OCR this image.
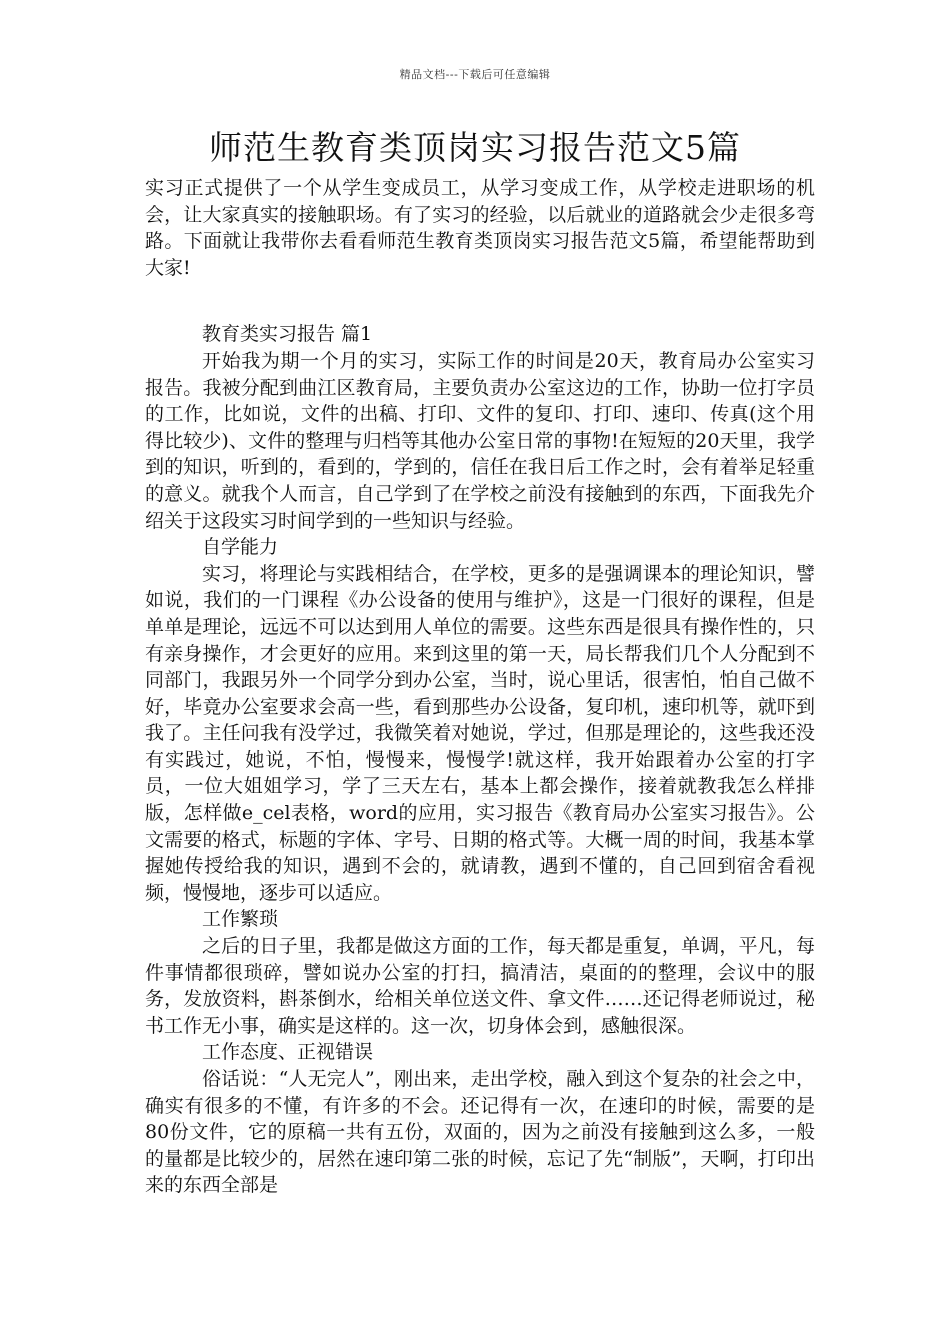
精品文档---下载后可任意编辑
师范生教育类顶岗实习报告范文5篇

实习正式提供了一个从学生变成员工，从学习变成工作，从学校走进职场的机会，让大家真实的接触职场。有了实习的经验，以后就业的道路就会少走很多弯路。下面就让我带你去看看师范生教育类顶岗实习报告范文5篇，希望能帮助到大家!

教育类实习报告 篇1

开始我为期一个月的实习，实际工作的时间是20天，教育局办公室实习报告。我被分配到曲江区教育局，主要负责办公室这边的工作，协助一位打字员的工作，比如说，文件的出稿、打印、文件的复印、打印、速印、传真(这个用得比较少)、文件的整理与归档等其他办公室日常的事物!在短短的20天里，我学到的知识，听到的，看到的，学到的，信任在我日后工作之时，会有着举足轻重的意义。就我个人而言，自己学到了在学校之前没有接触到的东西，下面我先介绍关于这段实习时间学到的一些知识与经验。

自学能力

实习，将理论与实践相结合，在学校，更多的是强调课本的理论知识，譬如说，我们的一门课程《办公设备的使用与维护》，这是一门很好的课程，但是单单是理论，远远不可以达到用人单位的需要。这些东西是很具有操作性的，只有亲身操作，才会更好的应用。来到这里的第一天，局长帮我们几个人分配到不同部门，我跟另外一个同学分到办公室，当时，说心里话，很害怕，怕自己做不好，毕竟办公室要求会高一些，看到那些办公设备，复印机，速印机等，就吓到我了。主任问我有没学过，我微笑着对她说，学过，但那是理论的，这些我还没有实践过，她说，不怕，慢慢来，慢慢学!就这样，我开始跟着办公室的打字员，一位大姐姐学习，学了三天左右，基本上都会操作，接着就教我怎么样排版，怎样做e_cel表格，word的应用，实习报告《教育局办公室实习报告》。公文需要的格式，标题的字体、字号、日期的格式等。大概一周的时间，我基本掌握她传授给我的知识，遇到不会的，就请教，遇到不懂的，自己回到宿舍看视频，慢慢地，逐步可以适应。

工作繁琐

之后的日子里，我都是做这方面的工作，每天都是重复，单调，平凡，每件事情都很琐碎，譬如说办公室的打扫，搞清洁，桌面的的整理，会议中的服务，发放资料，斟茶倒水，给相关单位送文件、拿文件……还记得老师说过，秘书工作无小事，确实是这样的。这一次，切身体会到，感触很深。

工作态度、正视错误

俗话说：“人无完人”，刚出来，走出学校，融入到这个复杂的社会之中，确实有很多的不懂，有许多的不会。还记得有一次，在速印的时候，需要的是80份文件，它的原稿一共有五份，双面的，因为之前没有接触到这么多，一般的量都是比较少的，居然在速印第二张的时候，忘记了先“制版”，天啊，打印出来的东西全部是
